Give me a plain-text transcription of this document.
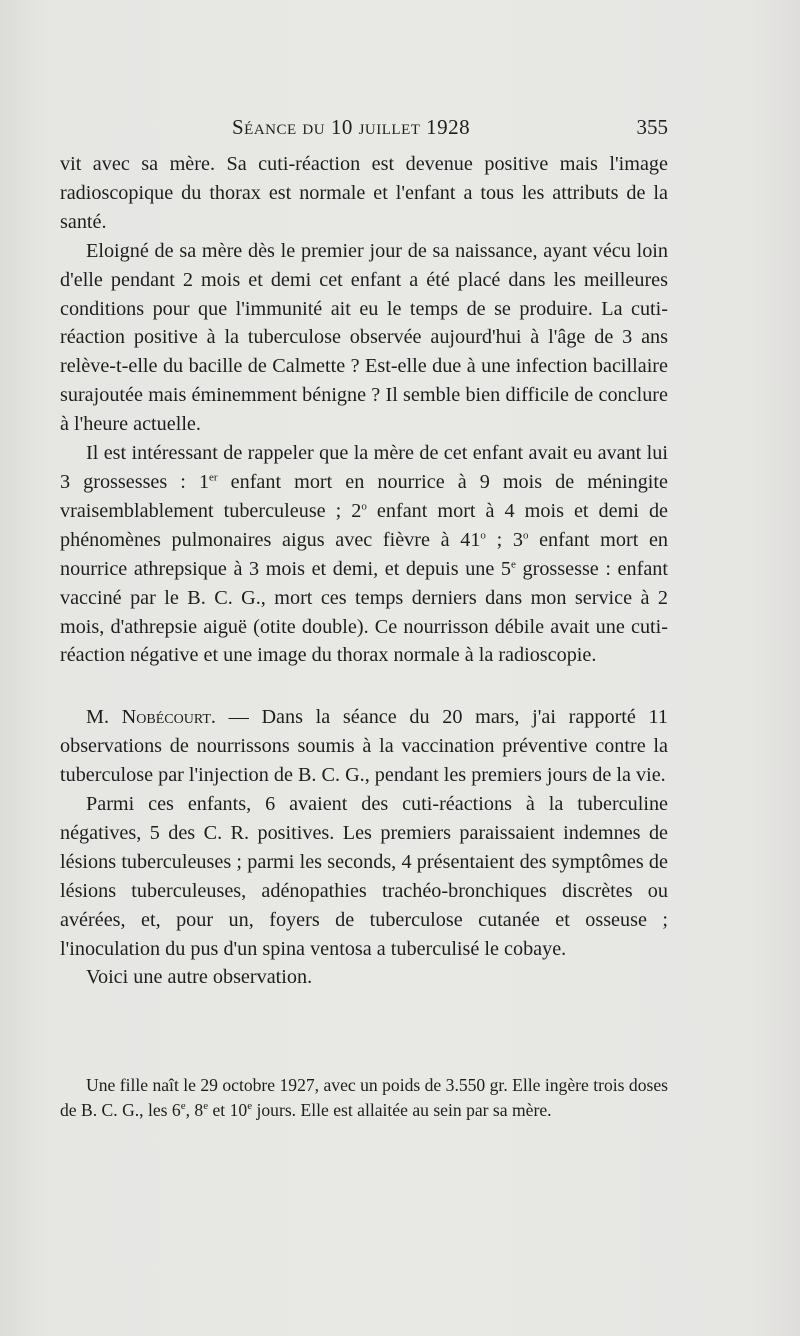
Séance du 10 juillet 1928	355

vit avec sa mère. Sa cuti-réaction est devenue positive mais l'image radioscopique du thorax est normale et l'enfant a tous les attributs de la santé.

Eloigné de sa mère dès le premier jour de sa naissance, ayant vécu loin d'elle pendant 2 mois et demi cet enfant a été placé dans les meilleures conditions pour que l'immunité ait eu le temps de se produire. La cuti-réaction positive à la tuberculose observée aujourd'hui à l'âge de 3 ans relève-t-elle du bacille de Calmette ? Est-elle due à une infection bacillaire surajoutée mais éminemment bénigne ? Il semble bien difficile de conclure à l'heure actuelle.

Il est intéressant de rappeler que la mère de cet enfant avait eu avant lui 3 grossesses : 1er enfant mort en nourrice à 9 mois de méningite vraisemblablement tuberculeuse ; 2$^o$ enfant mort à 4 mois et demi de phénomènes pulmonaires aigus avec fièvre à 41$^o$ ; 3$^o$ enfant mort en nourrice athrepsique à 3 mois et demi, et depuis une 5e grossesse : enfant vacciné par le B. C. G., mort ces temps derniers dans mon service à 2 mois, d'athrepsie aiguë (otite double). Ce nourrisson débile avait une cuti-réaction négative et une image du thorax normale à la radioscopie.

M. Nobécourt. — Dans la séance du 20 mars, j'ai rapporté 11 observations de nourrissons soumis à la vaccination préventive contre la tuberculose par l'injection de B. C. G., pendant les premiers jours de la vie.

Parmi ces enfants, 6 avaient des cuti-réactions à la tuberculine négatives, 5 des C. R. positives. Les premiers paraissaient indemnes de lésions tuberculeuses ; parmi les seconds, 4 présentaient des symptômes de lésions tuberculeuses, adénopathies trachéo-bronchiques discrètes ou avérées, et, pour un, foyers de tuberculose cutanée et osseuse ; l'inoculation du pus d'un spina ventosa a tuberculisé le cobaye.

Voici une autre observation.

Une fille naît le 29 octobre 1927, avec un poids de 3.550 gr. Elle ingère trois doses de B. C. G., les 6e, 8e et 10e jours. Elle est allaitée au sein par sa mère.
